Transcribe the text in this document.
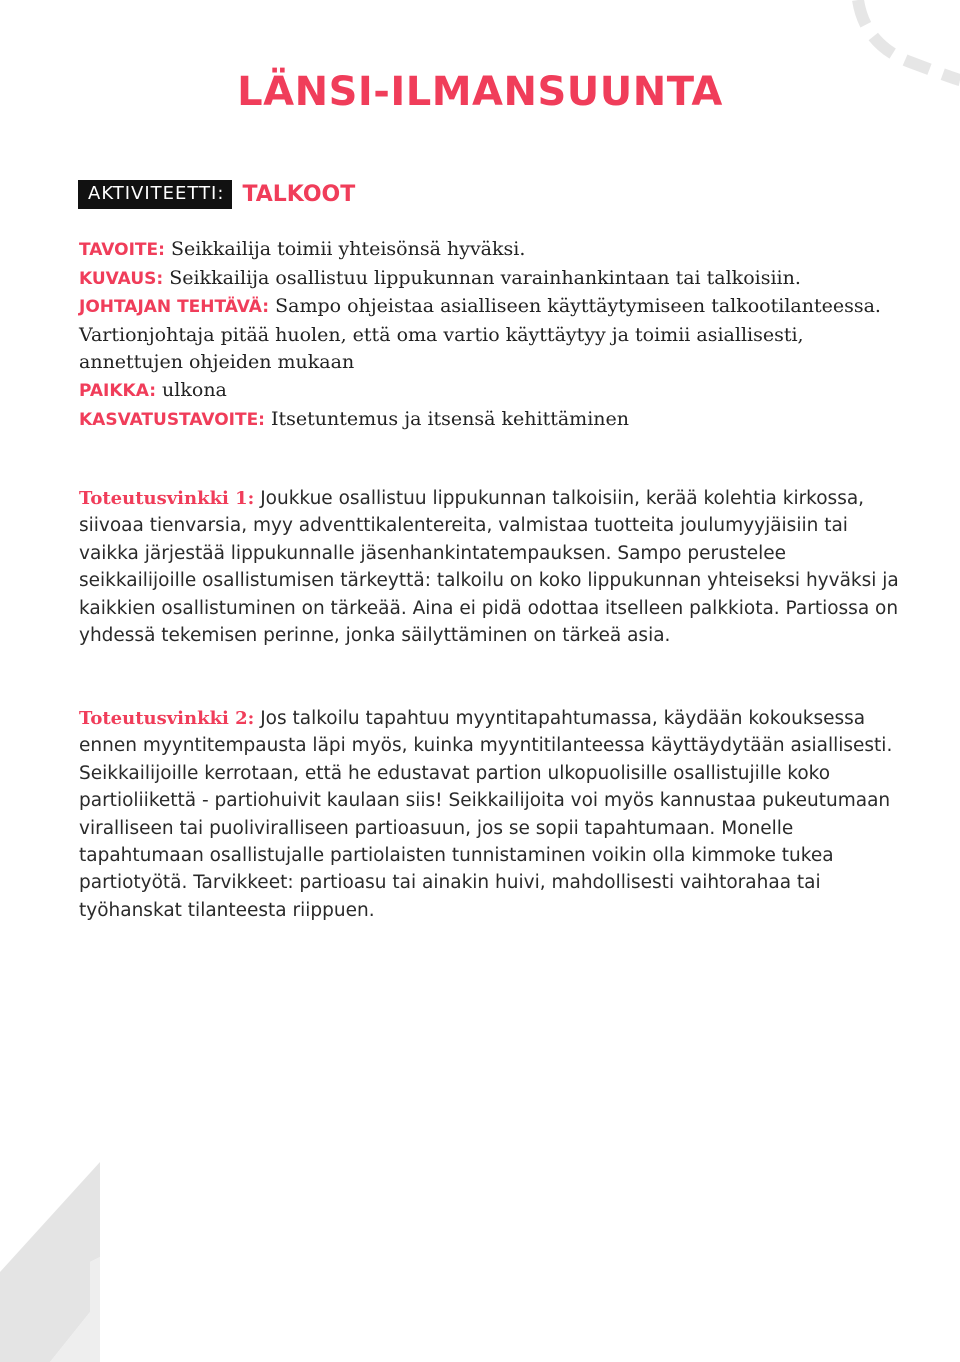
LÄNSI-ILMANSUUNTA
AKTIVITEETTI: TALKOOT

TAVOITE: Seikkailija toimii yhteisönsä hyväksi.

KUVAUS: Seikkailija osallistuu lippukunnan varainhankintaan tai talkoisiin.

JOHTAJAN TEHTÄVÄ: Sampo ohjeistaa asialliseen käyttäytymiseen talkootilanteessa. Vartionjohtaja pitää huolen, että oma vartio käyttäytyy ja toimii asiallisesti, annettujen ohjeiden mukaan

PAIKKA: ulkona

KASVATUSTAVOITE: Itsetuntemus ja itsensä kehittäminen

Toteutusvinkki 1: Joukkue osallistuu lippukunnan talkoisiin, kerää kolehtia kirkossa, siivoaa tienvarsia, myy adventtikalentereita, valmistaa tuotteita joulumyyjäisiin tai vaikka järjestää lippukunnalle jäsenhankintatempauksen. Sampo perustelee seikkailijoille osallistumisen tärkeyttä: talkoilu on koko lippukunnan yhteiseksi hyväksi ja kaikkien osallistuminen on tärkeää. Aina ei pidä odottaa itselleen palkkiota. Partiossa on yhdessä tekemisen perinne, jonka säilyttäminen on tärkeä asia.

Toteutusvinkki 2: Jos talkoilu tapahtuu myyntitapahtumassa, käydään kokouksessa ennen myyntitempausta läpi myös, kuinka myyntitilanteessa käyttäydytään asiallisesti. Seikkailijoille kerrotaan, että he edustavat partion ulkopuolisille osallistujille koko partioliikettä - partiohuivit kaulaan siis! Seikkailijoita voi myös kannustaa pukeutumaan viralliseen tai puoliviralliseen partioasuun, jos se sopii tapahtumaan. Monelle tapahtumaan osallistujalle partiolaisten tunnistaminen voikin olla kimmoke tukea partiotyötä. Tarvikkeet: partioasu tai ainakin huivi, mahdollisesti vaihtorahaa tai työhanskat tilanteesta riippuen.
